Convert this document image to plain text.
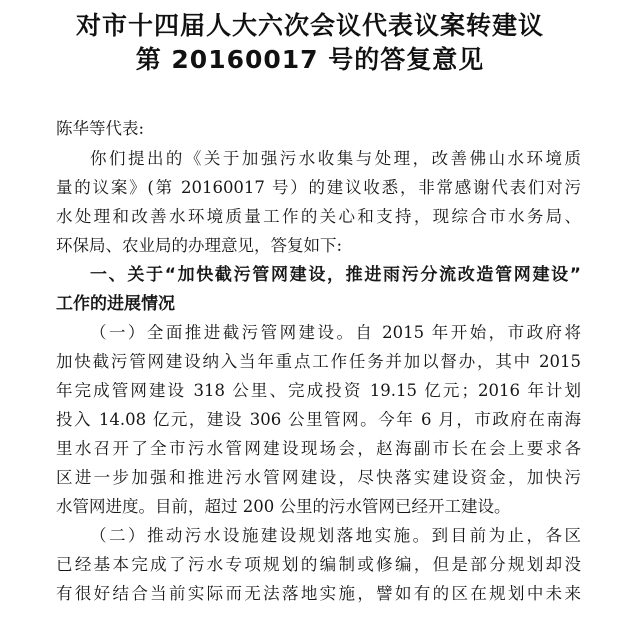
对市十四届人大六次会议代表议案转建议
第 20160017 号的答复意见
陈华等代表:
你们提出的《关于加强污水收集与处理，改善佛山水环境质
量的议案》(第 20160017 号）的建议收悉，非常感谢代表们对污
水处理和改善水环境质量工作的关心和支持，现综合市水务局、
环保局、农业局的办理意见，答复如下:
一、关于“加快截污管网建设，推进雨污分流改造管网建设”
工作的进展情况
（一）全面推进截污管网建设。自 2015 年开始，市政府将
加快截污管网建设纳入当年重点工作任务并加以督办，其中 2015
年完成管网建设 318 公里、完成投资 19.15 亿元；2016 年计划
投入 14.08 亿元，建设 306 公里管网。今年 6 月，市政府在南海
里水召开了全市污水管网建设现场会，赵海副市长在会上要求各
区进一步加强和推进污水管网建设，尽快落实建设资金，加快污
水管网进度。目前，超过 200 公里的污水管网已经开工建设。
（二）推动污水设施建设规划落地实施。到目前为止，各区
已经基本完成了污水专项规划的编制或修编，但是部分规划却没
有很好结合当前实际而无法落地实施，譬如有的区在规划中未来
